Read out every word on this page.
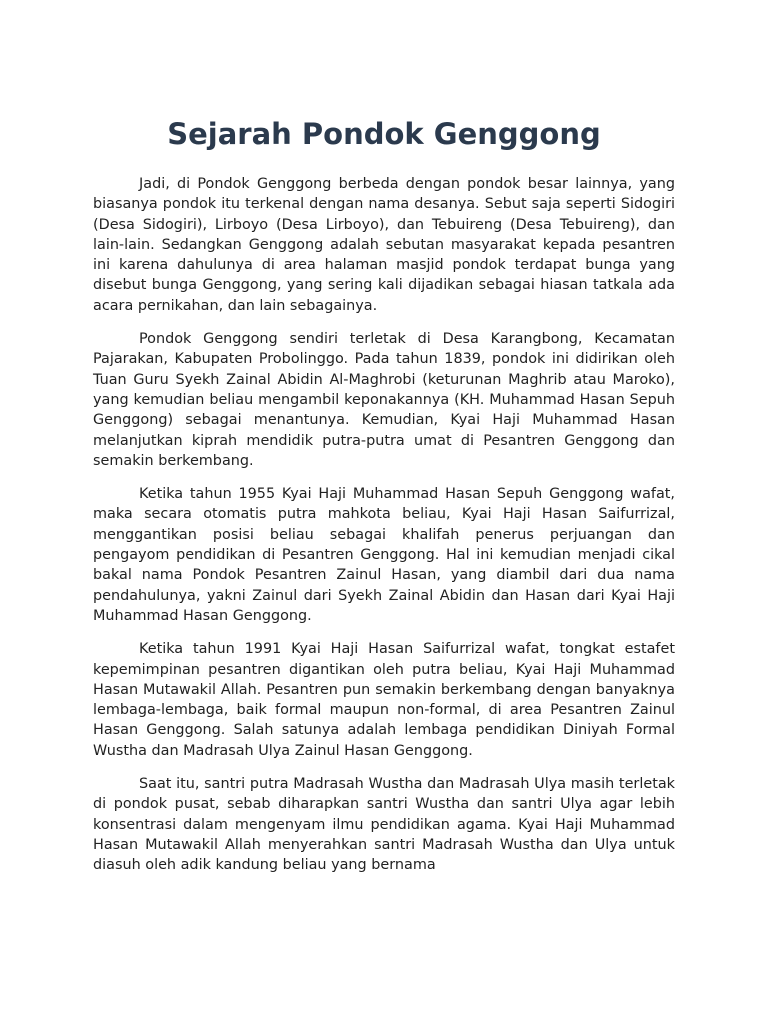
Sejarah Pondok Genggong

Jadi, di Pondok Genggong berbeda dengan pondok besar lainnya, yang biasanya pondok itu terkenal dengan nama desanya. Sebut saja seperti Sidogiri (Desa Sidogiri), Lirboyo (Desa Lirboyo), dan Tebuireng (Desa Tebuireng), dan lain-lain. Sedangkan Genggong adalah sebutan masyarakat kepada pesantren ini karena dahulunya di area halaman masjid pondok terdapat bunga yang disebut bunga Genggong, yang sering kali dijadikan sebagai hiasan tatkala ada acara pernikahan, dan lain sebagainya.

Pondok Genggong sendiri terletak di Desa Karangbong, Kecamatan Pajarakan, Kabupaten Probolinggo. Pada tahun 1839, pondok ini didirikan oleh Tuan Guru Syekh Zainal Abidin Al-Maghrobi (keturunan Maghrib atau Maroko), yang kemudian beliau mengambil keponakannya (KH. Muhammad Hasan Sepuh Genggong) sebagai menantunya. Kemudian, Kyai Haji Muhammad Hasan melanjutkan kiprah mendidik putra-putra umat di Pesantren Genggong dan semakin berkembang.

Ketika tahun 1955 Kyai Haji Muhammad Hasan Sepuh Genggong wafat, maka secara otomatis putra mahkota beliau, Kyai Haji Hasan Saifurrizal, menggantikan posisi beliau sebagai khalifah penerus perjuangan dan pengayom pendidikan di Pesantren Genggong. Hal ini kemudian menjadi cikal bakal nama Pondok Pesantren Zainul Hasan, yang diambil dari dua nama pendahulunya, yakni Zainul dari Syekh Zainal Abidin dan Hasan dari Kyai Haji Muhammad Hasan Genggong.

Ketika tahun 1991 Kyai Haji Hasan Saifurrizal wafat, tongkat estafet kepemimpinan pesantren digantikan oleh putra beliau, Kyai Haji Muhammad Hasan Mutawakil Allah. Pesantren pun semakin berkembang dengan banyaknya lembaga-lembaga, baik formal maupun non-formal, di area Pesantren Zainul Hasan Genggong. Salah satunya adalah lembaga pendidikan Diniyah Formal Wustha dan Madrasah Ulya Zainul Hasan Genggong.

Saat itu, santri putra Madrasah Wustha dan Madrasah Ulya masih terletak di pondok pusat, sebab diharapkan santri Wustha dan santri Ulya agar lebih konsentrasi dalam mengenyam ilmu pendidikan agama. Kyai Haji Muhammad Hasan Mutawakil Allah menyerahkan santri Madrasah Wustha dan Ulya untuk diasuh oleh adik kandung beliau yang bernama
